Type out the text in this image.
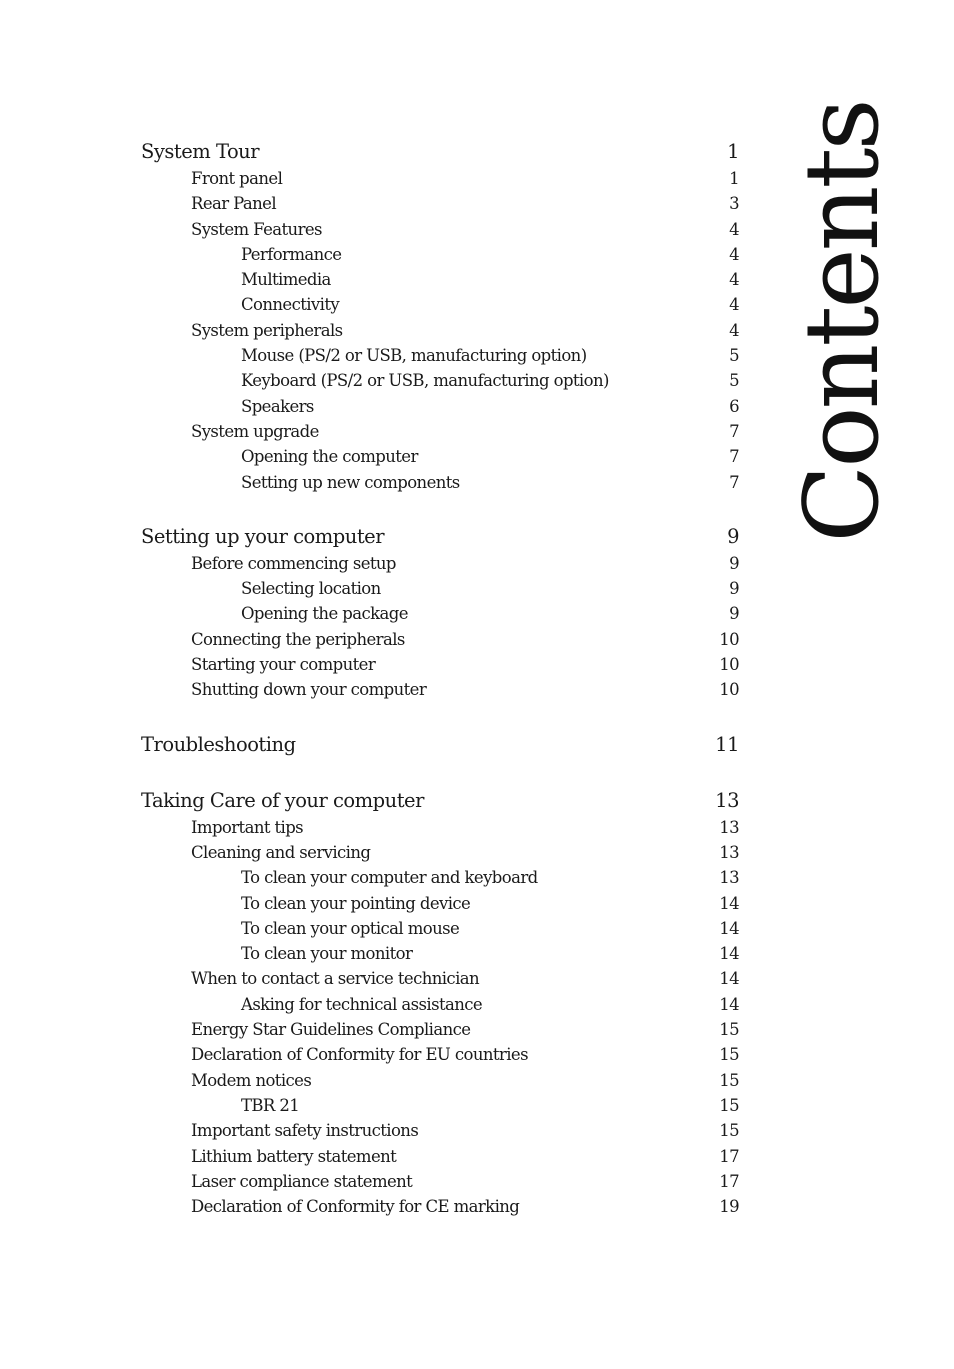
Contents
System Tour	1
Front panel	1
Rear Panel	3
System Features	4
Performance	4
Multimedia	4
Connectivity	4
System peripherals	4
Mouse (PS/2 or USB, manufacturing option)	5
Keyboard (PS/2 or USB, manufacturing option)	5
Speakers	6
System upgrade	7
Opening the computer	7
Setting up new components	7
Setting up your computer	9
Before commencing setup	9
Selecting location	9
Opening the package	9
Connecting the peripherals	10
Starting your computer	10
Shutting down your computer	10
Troubleshooting	11
Taking Care of your computer	13
Important tips	13
Cleaning and servicing	13
To clean your computer and keyboard	13
To clean your pointing device	14
To clean your optical mouse	14
To clean your monitor	14
When to contact a service technician	14
Asking for technical assistance	14
Energy Star Guidelines Compliance	15
Declaration of Conformity for EU countries	15
Modem notices	15
TBR 21	15
Important safety instructions	15
Lithium battery statement	17
Laser compliance statement	17
Declaration of Conformity for CE marking	19
